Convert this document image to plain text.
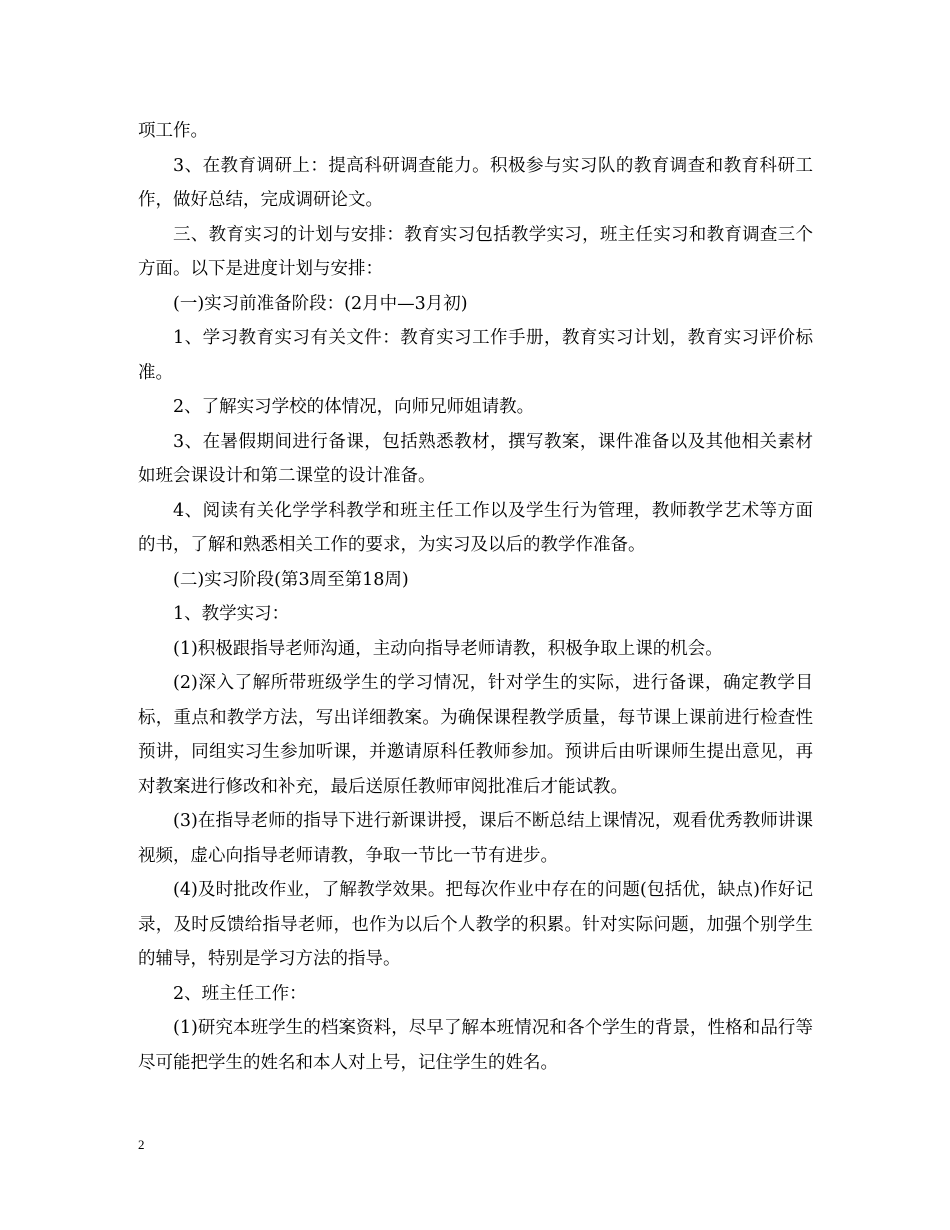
项工作。

3、在教育调研上：提高科研调查能力。积极参与实习队的教育调查和教育科研工作，做好总结，完成调研论文。

三、教育实习的计划与安排：教育实习包括教学实习，班主任实习和教育调查三个方面。以下是进度计划与安排：

(一)实习前准备阶段：(2月中—3月初)

1、学习教育实习有关文件：教育实习工作手册，教育实习计划，教育实习评价标准。

2、了解实习学校的体情况，向师兄师姐请教。

3、在暑假期间进行备课，包括熟悉教材，撰写教案，课件准备以及其他相关素材如班会课设计和第二课堂的设计准备。

4、阅读有关化学学科教学和班主任工作以及学生行为管理，教师教学艺术等方面的书，了解和熟悉相关工作的要求，为实习及以后的教学作准备。

(二)实习阶段(第3周至第18周)

1、教学实习：

(1)积极跟指导老师沟通，主动向指导老师请教，积极争取上课的机会。

(2)深入了解所带班级学生的学习情况，针对学生的实际，进行备课，确定教学目标，重点和教学方法，写出详细教案。为确保课程教学质量，每节课上课前进行检查性预讲，同组实习生参加听课，并邀请原科任教师参加。预讲后由听课师生提出意见，再对教案进行修改和补充，最后送原任教师审阅批准后才能试教。

(3)在指导老师的指导下进行新课讲授，课后不断总结上课情况，观看优秀教师讲课视频，虚心向指导老师请教，争取一节比一节有进步。

(4)及时批改作业，了解教学效果。把每次作业中存在的问题(包括优，缺点)作好记录，及时反馈给指导老师，也作为以后个人教学的积累。针对实际问题，加强个别学生的辅导，特别是学习方法的指导。

2、班主任工作：

(1)研究本班学生的档案资料，尽早了解本班情况和各个学生的背景，性格和品行等尽可能把学生的姓名和本人对上号，记住学生的姓名。

2
